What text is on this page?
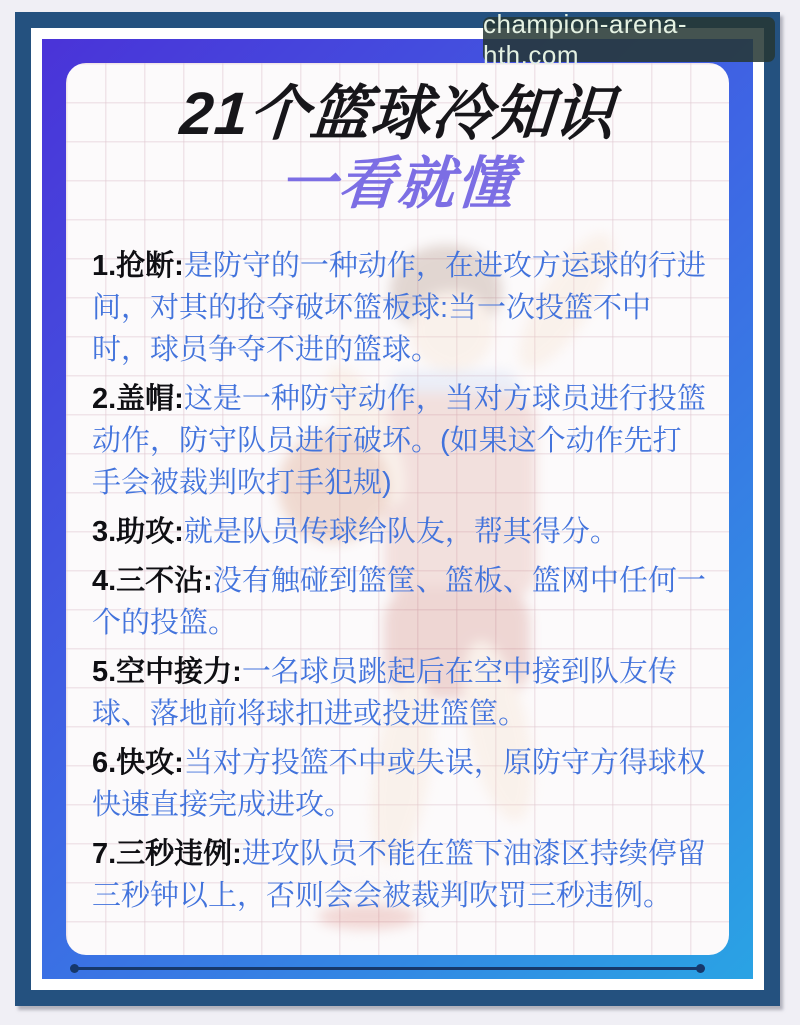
21个篮球冷知识
一看就懂

1.抢断:是防守的一种动作，在进攻方运球的行进间，对其的抢夺破坏篮板球:当一次投篮不中时，球员争夺不进的篮球。

2.盖帽:这是一种防守动作，当对方球员进行投篮动作，防守队员进行破坏。(如果这个动作先打手会被裁判吹打手犯规)

3.助攻:就是队员传球给队友，帮其得分。

4.三不沾:没有触碰到篮筐、篮板、篮网中任何一个的投篮。

5.空中接力:一名球员跳起后在空中接到队友传球、落地前将球扣进或投进篮筐。

6.快攻:当对方投篮不中或失误，原防守方得球权快速直接完成进攻。

7.三秒违例:进攻队员不能在篮下油漆区持续停留三秒钟以上，否则会会被裁判吹罚三秒违例。

champion-arena-hth.com
